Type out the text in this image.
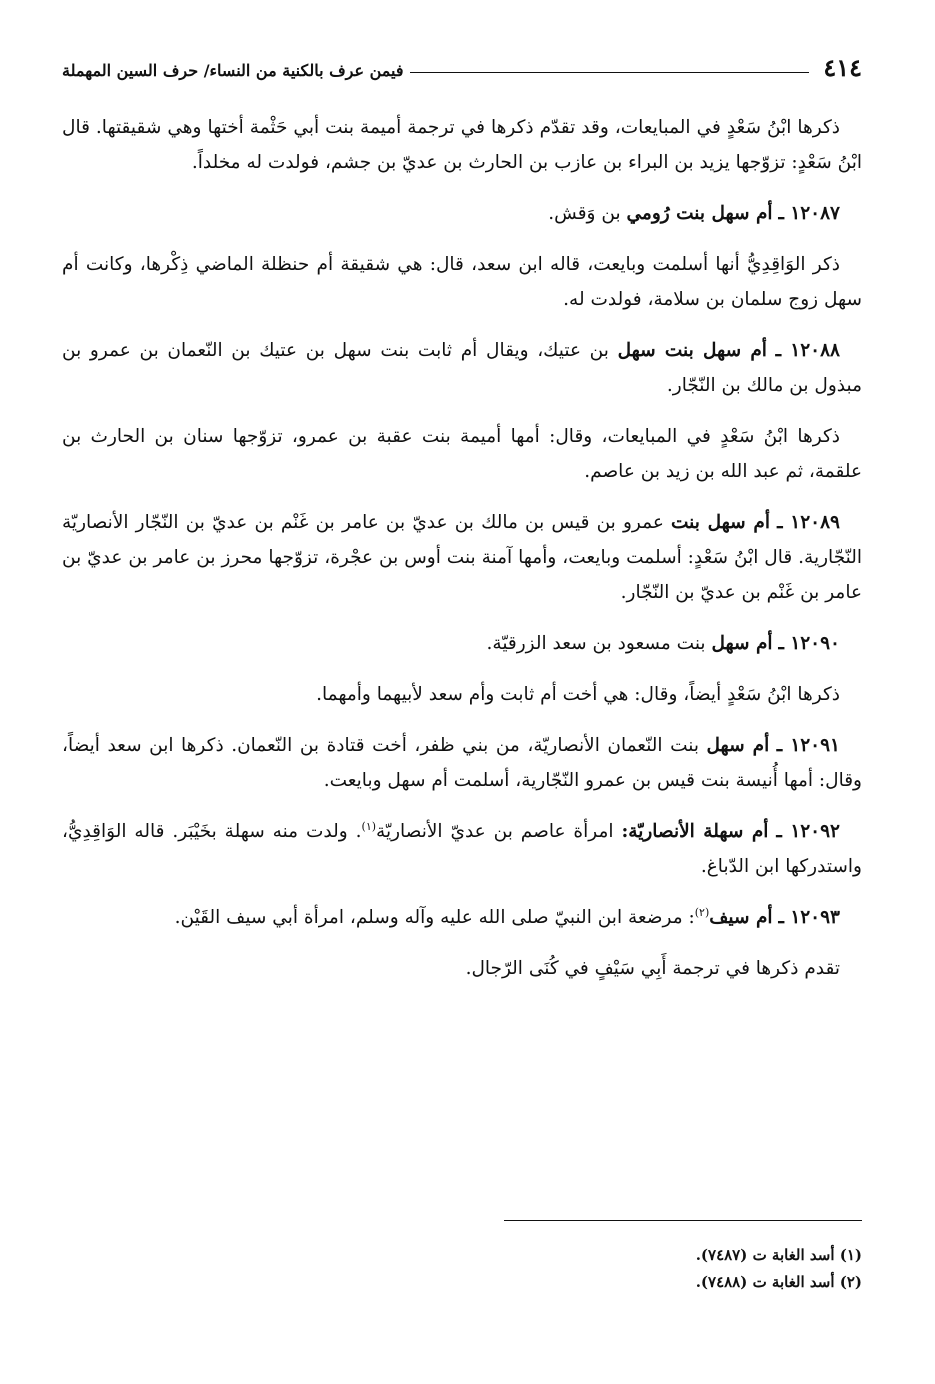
٤١٤
فيمن عرف بالكنية من النساء/ حرف السين المهملة

ذكرها ابْنُ سَعْدٍ في المبايعات، وقد تقدّم ذكرها في ترجمة أميمة بنت أبي حَثْمة أختها وهي شقيقتها. قال ابْنُ سَعْدٍ: تزوّجها يزيد بن البراء بن عازب بن الحارث بن عديّ بن جشم، فولدت له مخلداً.

١٢٠٨٧ ـ أم سهل بنت رُومي بن وَقش.

ذكر الوَاقِدِيُّ أنها أسلمت وبايعت، قاله ابن سعد، قال: هي شقيقة أم حنظلة الماضي ذِكْرها، وكانت أم سهل زوج سلمان بن سلامة، فولدت له.

١٢٠٨٨ ـ أم سهل بنت سهل بن عتيك، ويقال أم ثابت بنت سهل بن عتيك بن النّعمان بن عمرو بن مبذول بن مالك بن النّجّار.

ذكرها ابْنُ سَعْدٍ في المبايعات، وقال: أمها أميمة بنت عقبة بن عمرو، تزوّجها سنان بن الحارث بن علقمة، ثم عبد الله بن زيد بن عاصم.

١٢٠٨٩ ـ أم سهل بنت عمرو بن قيس بن مالك بن عديّ بن عامر بن غَنْم بن عديّ بن النّجّار الأنصاريّة النّجّارية. قال ابْنُ سَعْدٍ: أسلمت وبايعت، وأمها آمنة بنت أوس بن عجْرة، تزوّجها محرز بن عامر بن عديّ بن عامر بن غَنْم بن عديّ بن النّجّار.

١٢٠٩٠ ـ أم سهل بنت مسعود بن سعد الزرقيّة.

ذكرها ابْنُ سَعْدٍ أيضاً، وقال: هي أخت أم ثابت وأم سعد لأبيهما وأمهما.

١٢٠٩١ ـ أم سهل بنت النّعمان الأنصاريّة، من بني ظفر، أخت قتادة بن النّعمان. ذكرها ابن سعد أيضاً، وقال: أمها أُنيسة بنت قيس بن عمرو النّجّارية، أسلمت أم سهل وبايعت.

١٢٠٩٢ ـ أم سهلة الأنصاريّة: امرأة عاصم بن عديّ الأنصاريّة$^{(١)}$. ولدت منه سهلة بخَيْبَر. قاله الوَاقِدِيُّ، واستدركها ابن الدّباغ.

١٢٠٩٣ ـ أم سيف$^{(٢)}$: مرضعة ابن النبيّ صلى الله عليه وآله وسلم، امرأة أبي سيف القَيْن.

تقدم ذكرها في ترجمة أَبِي سَيْفٍ في كُنَى الرّجال.

(١) أسد الغابة ت (٧٤٨٧).

(٢) أسد الغابة ت (٧٤٨٨).
